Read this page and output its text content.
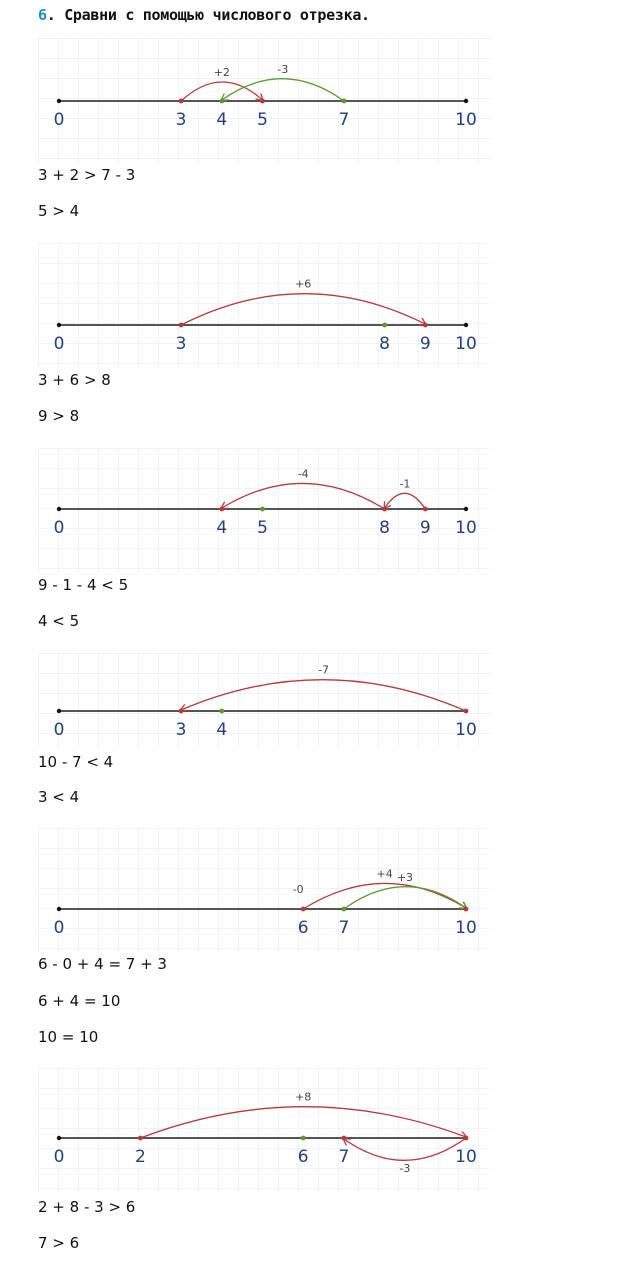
6. Сравни с помощью числового отрезка.
+2	-3
0	3 4 5	7	10
3 + 2 > 7 - 3
5 > 4
+6
0	3	8 9 10
3 + 6 > 8
9 > 8
-1
-4
0	4 5	8 9 10
9 - 1 - 4 < 5
4 < 5
-7
0	3 4	10
10 - 7 < 4
3 < 4
+4 +3
-0
0	6 7	10
6 - 0 + 4 = 7 + 3
6 + 4 = 10
10 = 10
+8
-3
0	2	6 7	10
2 + 8 - 3 > 6
7 > 6
